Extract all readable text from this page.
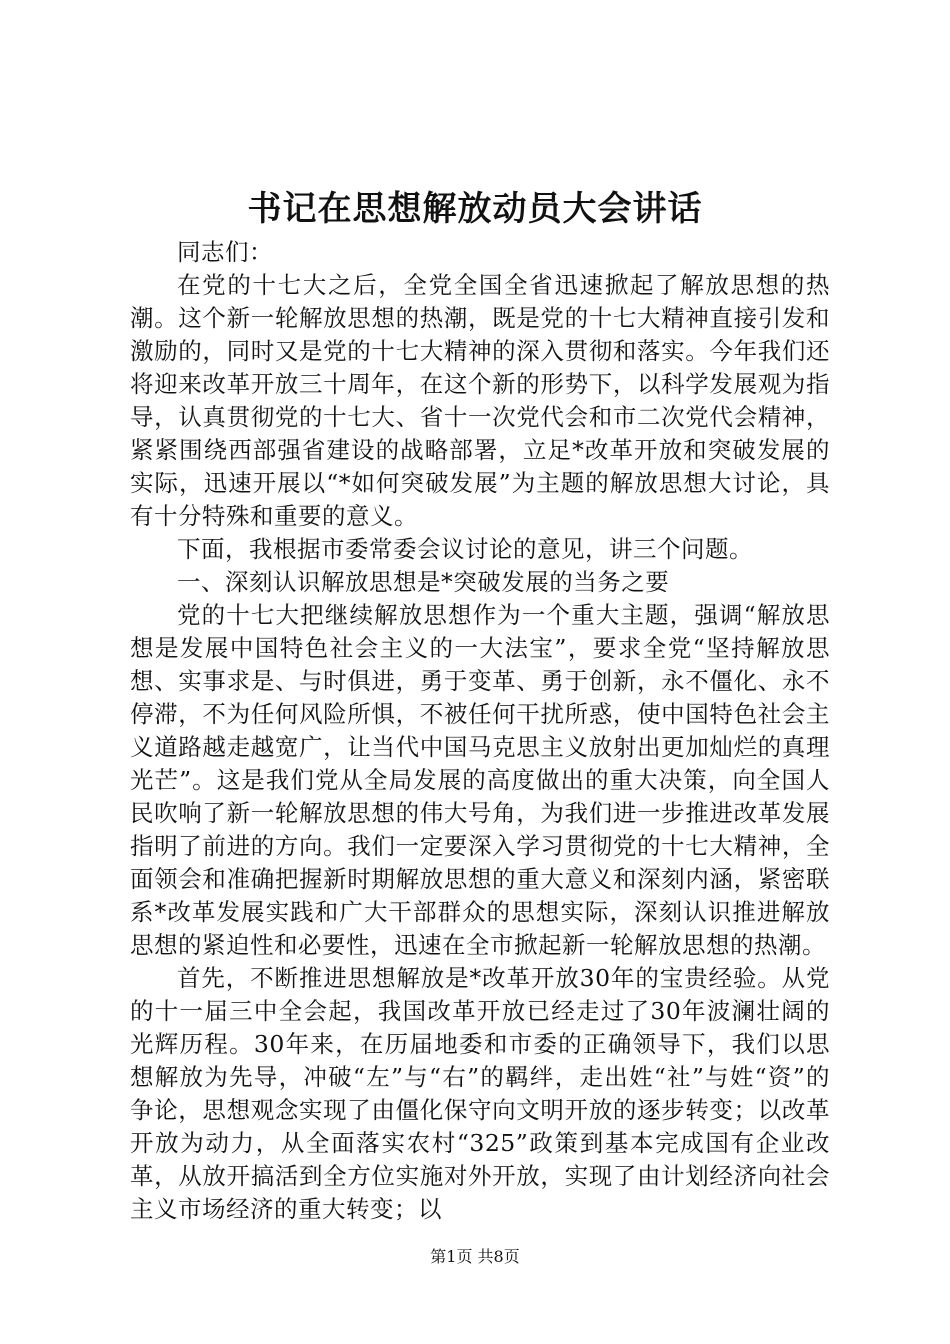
书记在思想解放动员大会讲话

同志们：

在党的十七大之后，全党全国全省迅速掀起了解放思想的热潮。这个新一轮解放思想的热潮，既是党的十七大精神直接引发和激励的，同时又是党的十七大精神的深入贯彻和落实。今年我们还将迎来改革开放三十周年，在这个新的形势下，以科学发展观为指导，认真贯彻党的十七大、省十一次党代会和市二次党代会精神，紧紧围绕西部强省建设的战略部署，立足*改革开放和突破发展的实际，迅速开展以“*如何突破发展”为主题的解放思想大讨论，具有十分特殊和重要的意义。

下面，我根据市委常委会议讨论的意见，讲三个问题。

一、深刻认识解放思想是*突破发展的当务之要

党的十七大把继续解放思想作为一个重大主题，强调“解放思想是发展中国特色社会主义的一大法宝”，要求全党“坚持解放思想、实事求是、与时俱进，勇于变革、勇于创新，永不僵化、永不停滞，不为任何风险所惧，不被任何干扰所惑，使中国特色社会主义道路越走越宽广，让当代中国马克思主义放射出更加灿烂的真理光芒”。这是我们党从全局发展的高度做出的重大决策，向全国人民吹响了新一轮解放思想的伟大号角，为我们进一步推进改革发展指明了前进的方向。我们一定要深入学习贯彻党的十七大精神，全面领会和准确把握新时期解放思想的重大意义和深刻内涵，紧密联系*改革发展实践和广大干部群众的思想实际，深刻认识推进解放思想的紧迫性和必要性，迅速在全市掀起新一轮解放思想的热潮。

首先，不断推进思想解放是*改革开放30年的宝贵经验。从党的十一届三中全会起，我国改革开放已经走过了30年波澜壮阔的光辉历程。30年来，在历届地委和市委的正确领导下，我们以思想解放为先导，冲破“左”与“右”的羁绊，走出姓“社”与姓“资”的争论，思想观念实现了由僵化保守向文明开放的逐步转变；以改革开放为动力，从全面落实农村“325”政策到基本完成国有企业改革，从放开搞活到全方位实施对外开放，实现了由计划经济向社会主义市场经济的重大转变；以

第1页 共8页
